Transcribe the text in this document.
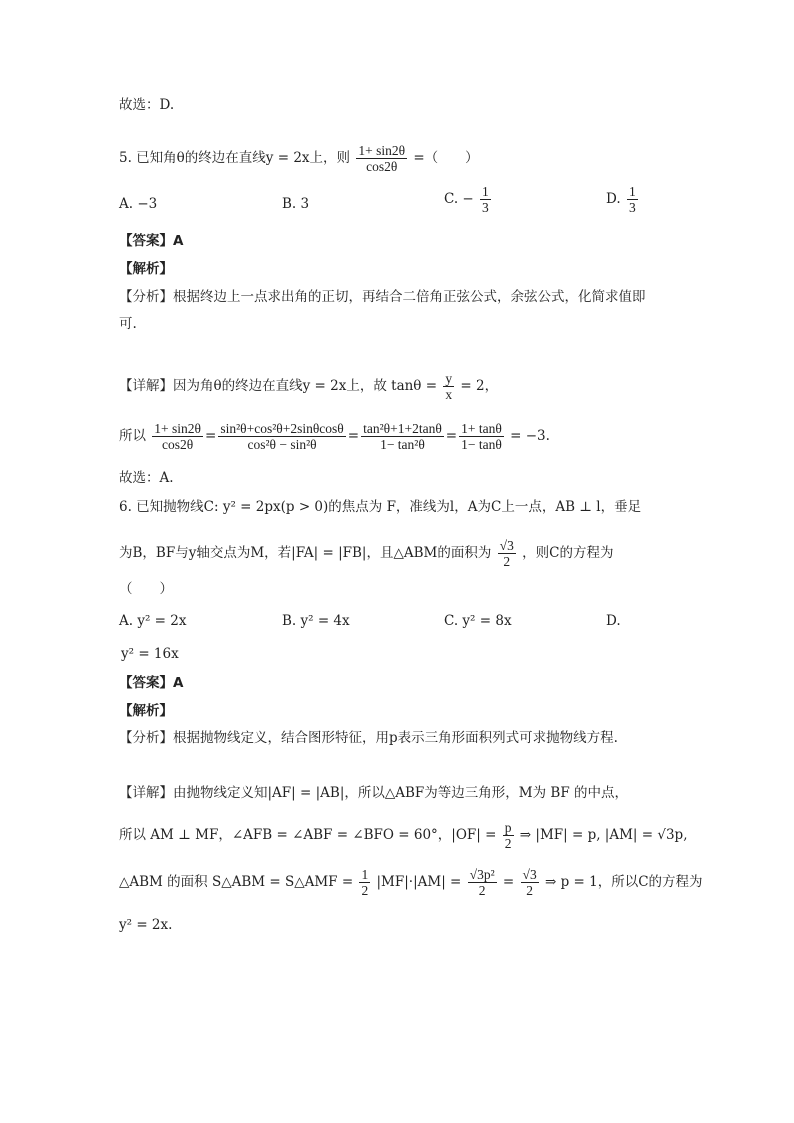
故选：D.
5. 已知角θ的终边在直线y = 2x上，则 $\frac{1+ \sin 2\theta}{\cos 2\theta}$ =（　　）
A. −3	B. 3	C. − $\frac{1}{3}$	D. $\frac{1}{3}$
【答案】A
【解析】
【分析】根据终边上一点求出角的正切，再结合二倍角正弦公式，余弦公式，化简求值即
可.
【详解】因为角θ的终边在直线y = 2x上，故 $\tan\theta = \frac{y}{x} = 2$，
所以 $\frac{1+ \sin 2\theta}{\cos 2\theta} = \frac{\text{sin²θ+cos²θ+2sinθcosθ}}{\text{cos²θ − sin²θ}} = \frac{\text{tan²θ+1+2tanθ}}{\text{1− tan²θ}} = \frac{1+ \tan\theta}{1- \tan\theta} = -3$.
故选：A.
6. 已知抛物线C: y² = 2px(p > 0)的焦点为 F，准线为l，A为C上一点，AB ⊥ l，垂足
为B，BF与y轴交点为M，若|FA| = |FB|，且△ABM的面积为 $\frac{√3}{2}$ ，则C的方程为
（　　）
A. y² = 2x	B. y² = 4x	C. y² = 8x	D.
y² = 16x
【答案】A
【解析】
【分析】根据抛物线定义，结合图形特征，用p表示三角形面积列式可求抛物线方程.
【详解】由抛物线定义知|AF| = |AB|，所以△ABF为等边三角形，M为 BF 的中点，
所以 AM ⊥ MF，∠AFB = ∠ABF = ∠BFO = 60°，$|OF| = \frac{p}{2}$ ⇒ |MF| = p, |AM| = √3p,
△ABM 的面积 S△ABM = S△AMF = $\frac{1}{2} |MF|\cdot|AM| = \frac{\text{√3p²}}{2} = \frac{√3}{2}$ ⇒ p = 1，所以C的方程为
y² = 2x.
